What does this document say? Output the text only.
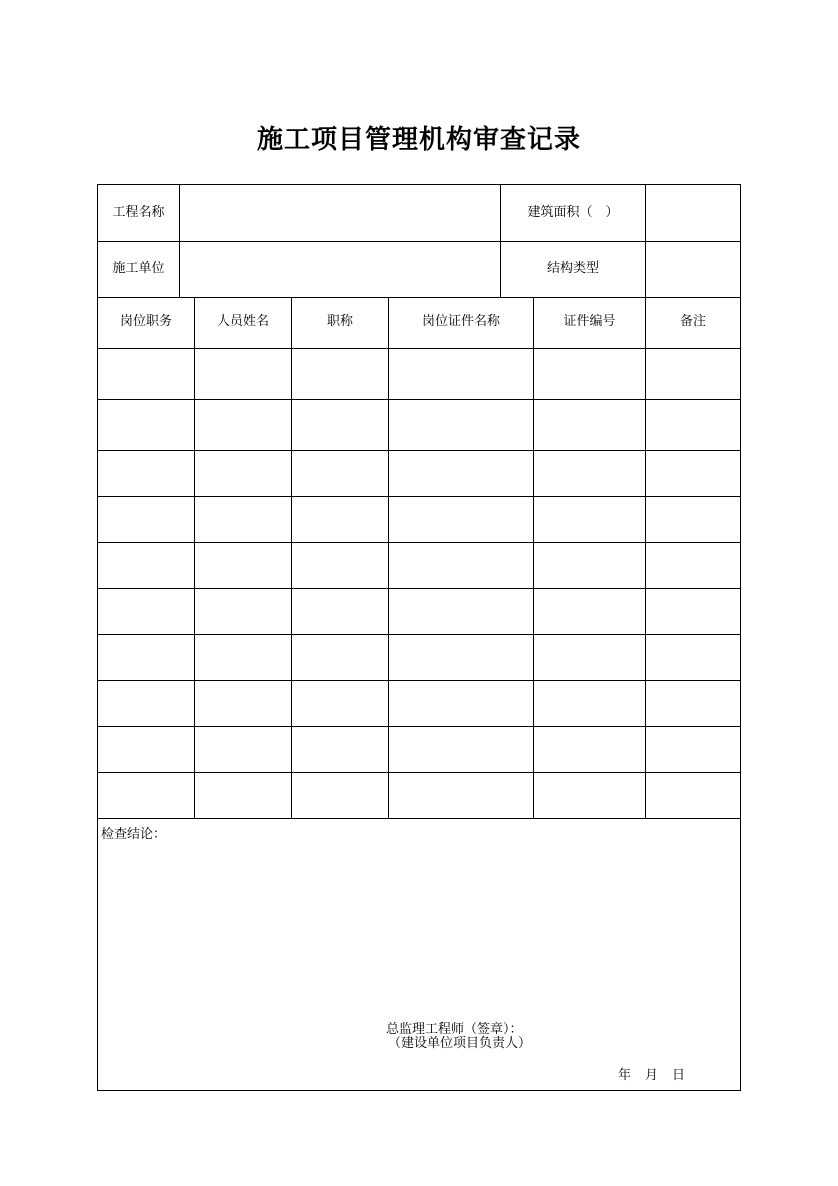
施工项目管理机构审查记录
工程名称	建筑面积（　）
施工单位	结构类型
岗位职务	人员姓名	职称	岗位证件名称	证件编号	备注
检查结论：
总监理工程师（签章）：
（建设单位项目负责人）
年 月 日
